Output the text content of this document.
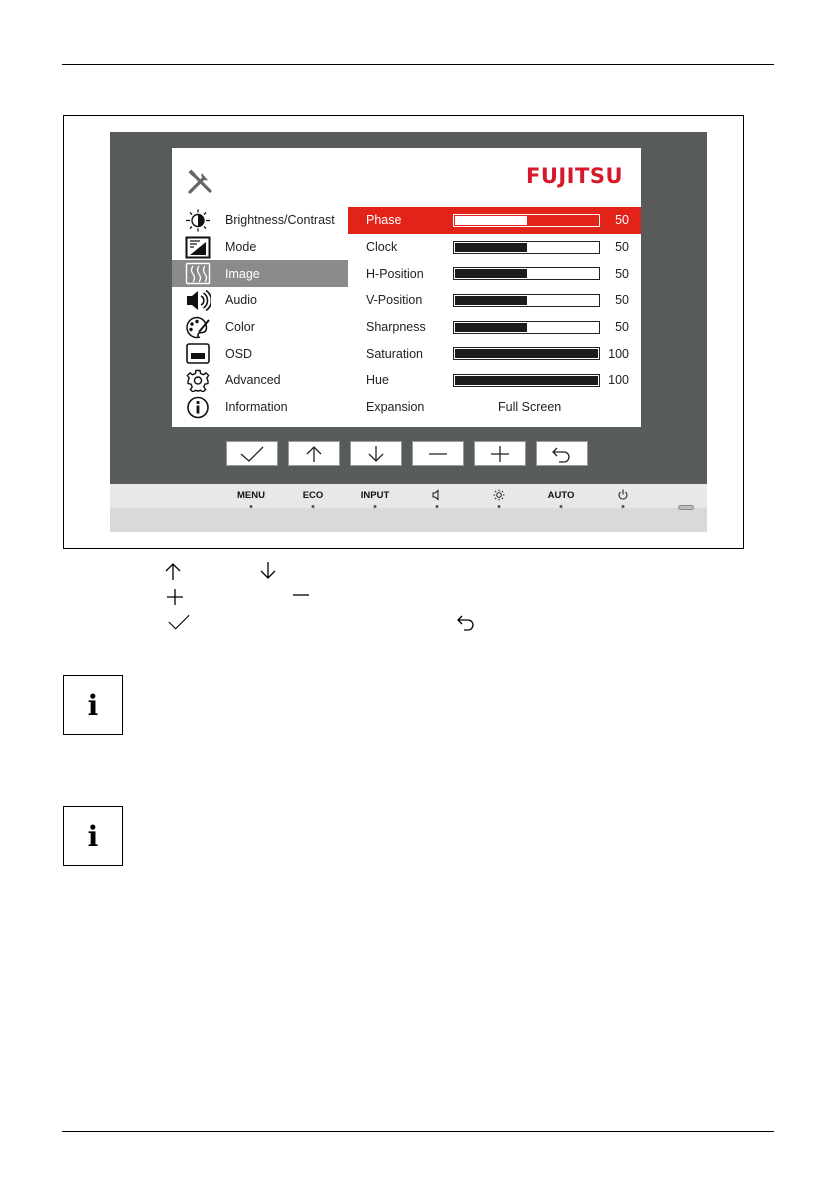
FUJITSU
Brightness/Contrast
Mode
Image
Audio
Color
OSD
Advanced
Information
Phase	50
Clock	50
H-Position	50
V-Position	50
Sharpness	50
Saturation	100
Hue	100
Expansion	Full Screen
MENU	ECO	INPUT	AUTO
i
i
